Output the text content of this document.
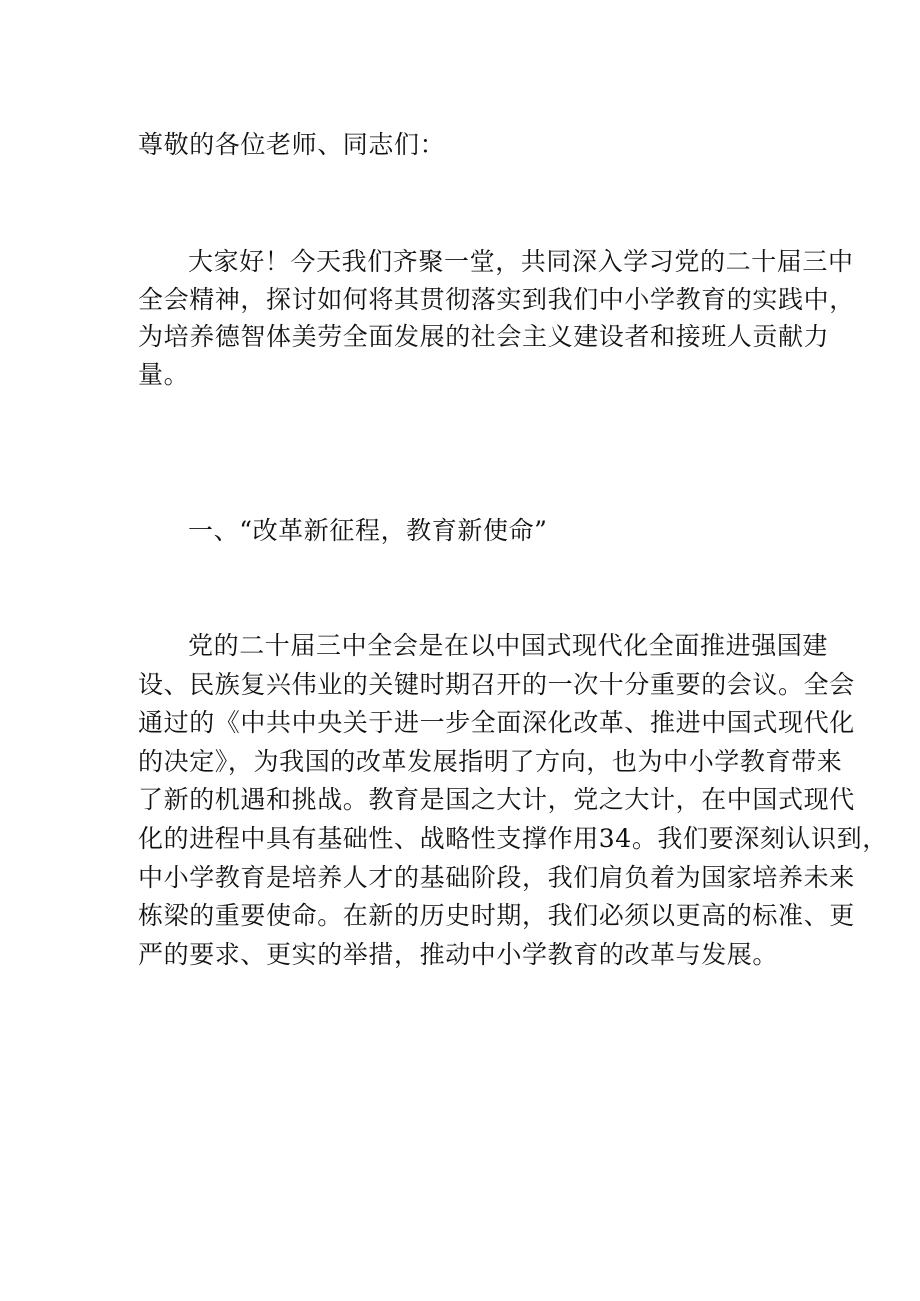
尊敬的各位老师、同志们：

大家好！今天我们齐聚一堂，共同深入学习党的二十届三中
全会精神，探讨如何将其贯彻落实到我们中小学教育的实践中，
为培养德智体美劳全面发展的社会主义建设者和接班人贡献力
量。

一、“改革新征程，教育新使命”

党的二十届三中全会是在以中国式现代化全面推进强国建
设、民族复兴伟业的关键时期召开的一次十分重要的会议。全会
通过的《中共中央关于进一步全面深化改革、推进中国式现代化
的决定》，为我国的改革发展指明了方向，也为中小学教育带来
了新的机遇和挑战。教育是国之大计，党之大计，在中国式现代
化的进程中具有基础性、战略性支撑作用34。我们要深刻认识到，
中小学教育是培养人才的基础阶段，我们肩负着为国家培养未来
栋梁的重要使命。在新的历史时期，我们必须以更高的标准、更
严的要求、更实的举措，推动中小学教育的改革与发展。
